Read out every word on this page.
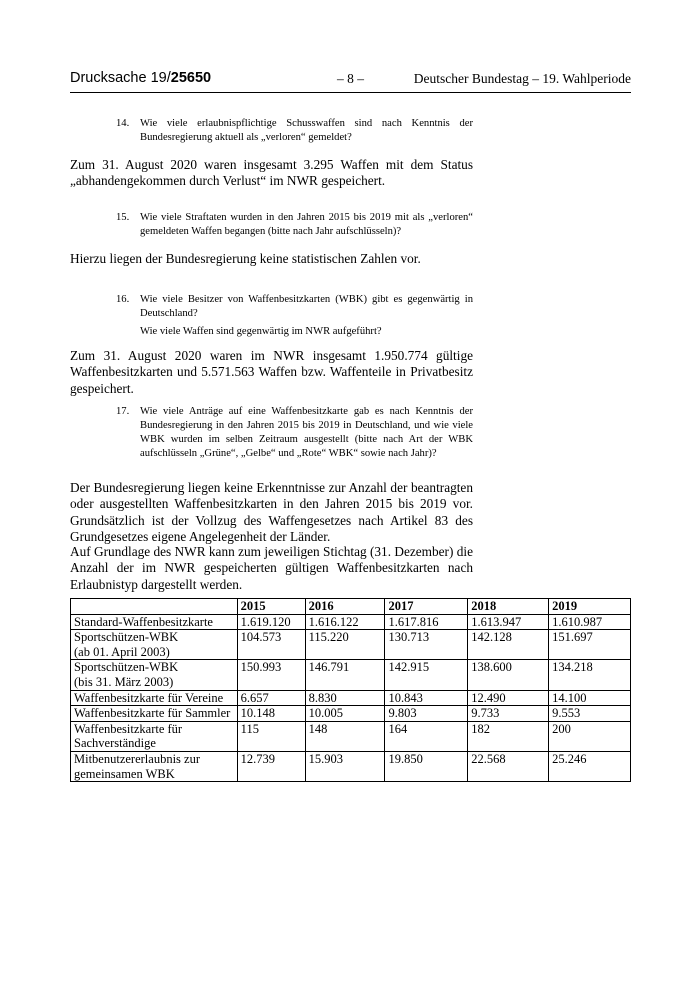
Drucksache 19/25650	– 8 –	Deutscher Bundestag – 19. Wahlperiode
14. Wie viele erlaubnispflichtige Schusswaffen sind nach Kenntnis der Bundesregierung aktuell als „verloren“ gemeldet?

Zum 31. August 2020 waren insgesamt 3.295 Waffen mit dem Status „abhandengekommen durch Verlust“ im NWR gespeichert.

15. Wie viele Straftaten wurden in den Jahren 2015 bis 2019 mit als „verloren“ gemeldeten Waffen begangen (bitte nach Jahr aufschlüsseln)?

Hierzu liegen der Bundesregierung keine statistischen Zahlen vor.

16. Wie viele Besitzer von Waffenbesitzkarten (WBK) gibt es gegenwärtig in Deutschland?

Wie viele Waffen sind gegenwärtig im NWR aufgeführt?

Zum 31. August 2020 waren im NWR insgesamt 1.950.774 gültige Waffenbesitzkarten und 5.571.563 Waffen bzw. Waffenteile in Privatbesitz gespeichert.

17. Wie viele Anträge auf eine Waffenbesitzkarte gab es nach Kenntnis der Bundesregierung in den Jahren 2015 bis 2019 in Deutschland, und wie viele WBK wurden im selben Zeitraum ausgestellt (bitte nach Art der WBK aufschlüsseln „Grüne“, „Gelbe“ und „Rote“ WBK“ sowie nach Jahr)?

Der Bundesregierung liegen keine Erkenntnisse zur Anzahl der beantragten oder ausgestellten Waffenbesitzkarten in den Jahren 2015 bis 2019 vor. Grundsätzlich ist der Vollzug des Waffengesetzes nach Artikel 83 des Grundgesetzes eigene Angelegenheit der Länder.

Auf Grundlage des NWR kann zum jeweiligen Stichtag (31. Dezember) die Anzahl der im NWR gespeicherten gültigen Waffenbesitzkarten nach Erlaubnistyp dargestellt werden.

	2015	2016	2017	2018	2019
Standard-Waffenbesitzkarte	1.619.120	1.616.122	1.617.816	1.613.947	1.610.987
Sportschützen-WBK
(ab 01. April 2003)	104.573	115.220	130.713	142.128	151.697
Sportschützen-WBK
(bis 31. März 2003)	150.993	146.791	142.915	138.600	134.218
Waffenbesitzkarte für Vereine	6.657	8.830	10.843	12.490	14.100
Waffenbesitzkarte für Sammler	10.148	10.005	9.803	9.733	9.553
Waffenbesitzkarte für
Sachverständige	115	148	164	182	200
Mitbenutzererlaubnis zur
gemeinsamen WBK	12.739	15.903	19.850	22.568	25.246
